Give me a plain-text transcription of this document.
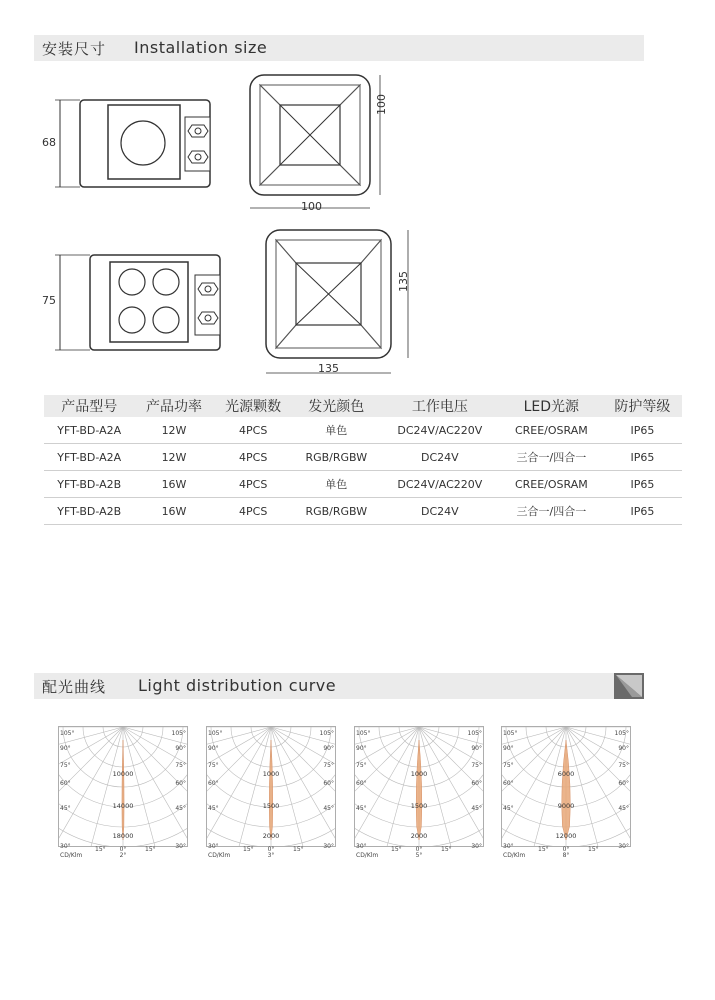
安装尺寸 Installation size
68
100
100
75
135
135
产品型号	产品功率	光源颗数	发光颜色	工作电压	LED光源	防护等级
YFT-BD-A2A	12W	4PCS	单色	DC24V/AC220V	CREE/OSRAM	IP65
YFT-BD-A2A	12W	4PCS	RGB/RGBW	DC24V	三合一/四合一	IP65
YFT-BD-A2B	16W	4PCS	单色	DC24V/AC220V	CREE/OSRAM	IP65
YFT-BD-A2B	16W	4PCS	RGB/RGBW	DC24V	三合一/四合一	IP65
配光曲线 Light distribution curve
105°	105°
90°	90°
75°	75°
60°	60°
45°	45°
30°	30°
15° 0°	15°
10000
14000
18000
CD/Klm	2°
105°	105°
90°	90°
75°	75°
60°	60°
45°	45°
30°	30°
15° 0°	15°
1000
1500
2000
CD/Klm	3°
105°	105°
90°	90°
75°	75°
60°	60°
45°	45°
30°	30°
15° 0°	15°
1000
1500
2000
CD/Klm	5°
105°	105°
90°	90°
75°	75°
60°	60°
45°	45°
30°	30°
15° 0°	15°
6000
9000
12000
CD/Klm	8°
